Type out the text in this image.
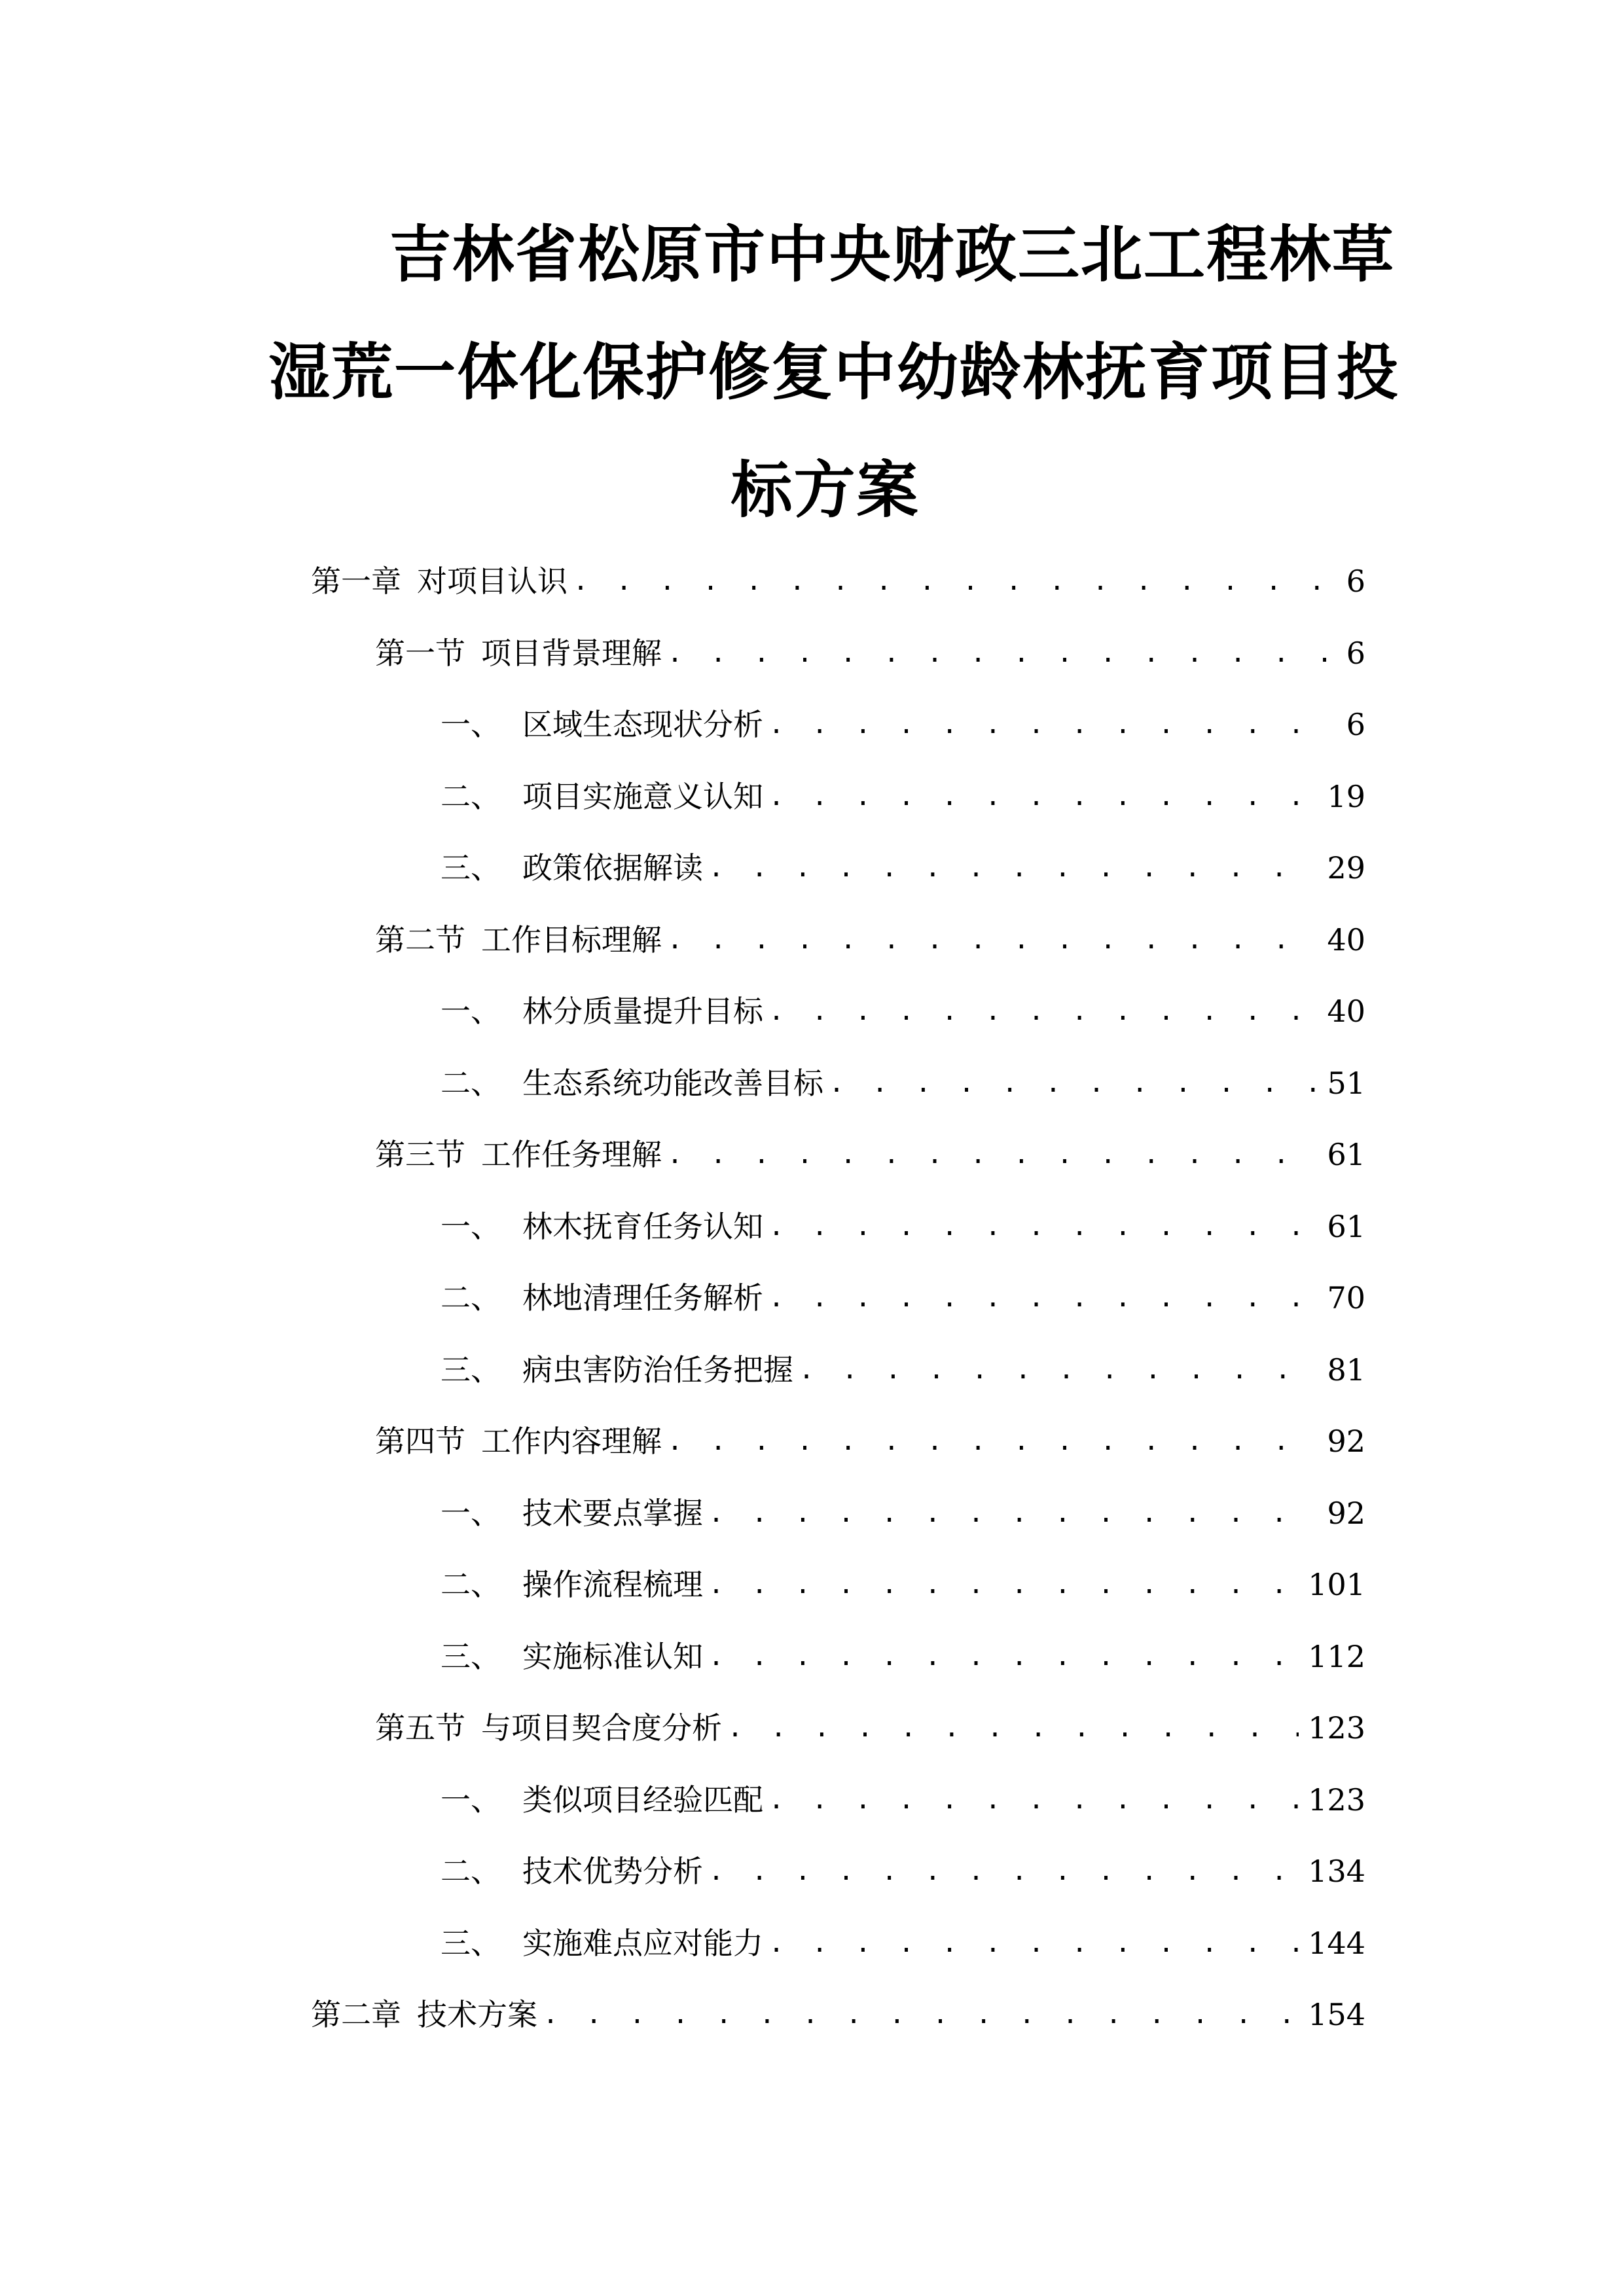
吉林省松原市中央财政三北工程林草
湿荒一体化保护修复中幼龄林抚育项目投
标方案
第一章 对项目认识 . . .	6
第一节 项目背景理解 . . .	6
一、 区域生态现状分析 . . .	6
二、 项目实施意义认知 . . .	19
三、 政策依据解读 . . .	29
第二节 工作目标理解 . . .	40
一、 林分质量提升目标 . . .	40
二、 生态系统功能改善目标 . . .	51
第三节 工作任务理解 . . .	61
一、 林木抚育任务认知 . . .	61
二、 林地清理任务解析 . . .	70
三、 病虫害防治任务把握 . . .	81
第四节 工作内容理解 . . .	92
一、 技术要点掌握 . . .	92
二、 操作流程梳理 . . .	101
三、 实施标准认知 . . .	112
第五节 与项目契合度分析 . . .	123
一、 类似项目经验匹配 . . .	123
二、 技术优势分析 . . .	134
三、 实施难点应对能力 . . .	144
第二章 技术方案 . . .	154
